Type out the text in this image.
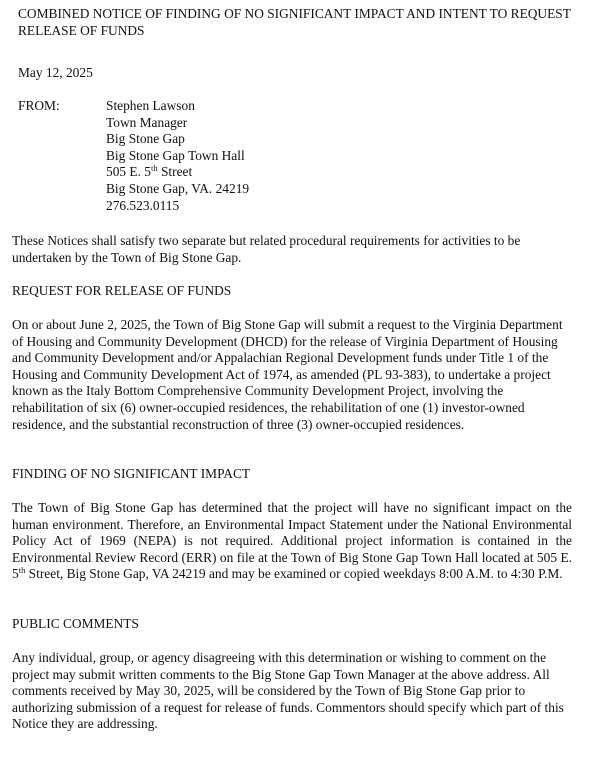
COMBINED NOTICE OF FINDING OF NO SIGNIFICANT IMPACT AND INTENT TO REQUEST RELEASE OF FUNDS

May 12, 2025

FROM:	Stephen Lawson
Town Manager
Big Stone Gap
Big Stone Gap Town Hall
505 E. 5th Street
Big Stone Gap, VA. 24219
276.523.0115

These Notices shall satisfy two separate but related procedural requirements for activities to be undertaken by the Town of Big Stone Gap.

REQUEST FOR RELEASE OF FUNDS

On or about June 2, 2025, the Town of Big Stone Gap will submit a request to the Virginia Department of Housing and Community Development (DHCD) for the release of Virginia Department of Housing and Community Development and/or Appalachian Regional Development funds under Title 1 of the Housing and Community Development Act of 1974, as amended (PL 93-383), to undertake a project known as the Italy Bottom Comprehensive Community Development Project, involving the rehabilitation of six (6) owner-occupied residences, the rehabilitation of one (1) investor-owned residence, and the substantial reconstruction of three (3) owner-occupied residences.

FINDING OF NO SIGNIFICANT IMPACT

The Town of Big Stone Gap has determined that the project will have no significant impact on the human environment. Therefore, an Environmental Impact Statement under the National Environmental Policy Act of 1969 (NEPA) is not required. Additional project information is contained in the Environmental Review Record (ERR) on file at the Town of Big Stone Gap Town Hall located at 505 E. 5th Street, Big Stone Gap, VA 24219 and may be examined or copied weekdays 8:00 A.M. to 4:30 P.M.

PUBLIC COMMENTS

Any individual, group, or agency disagreeing with this determination or wishing to comment on the project may submit written comments to the Big Stone Gap Town Manager at the above address. All comments received by May 30, 2025, will be considered by the Town of Big Stone Gap prior to authorizing submission of a request for release of funds. Commentors should specify which part of this Notice they are addressing.
